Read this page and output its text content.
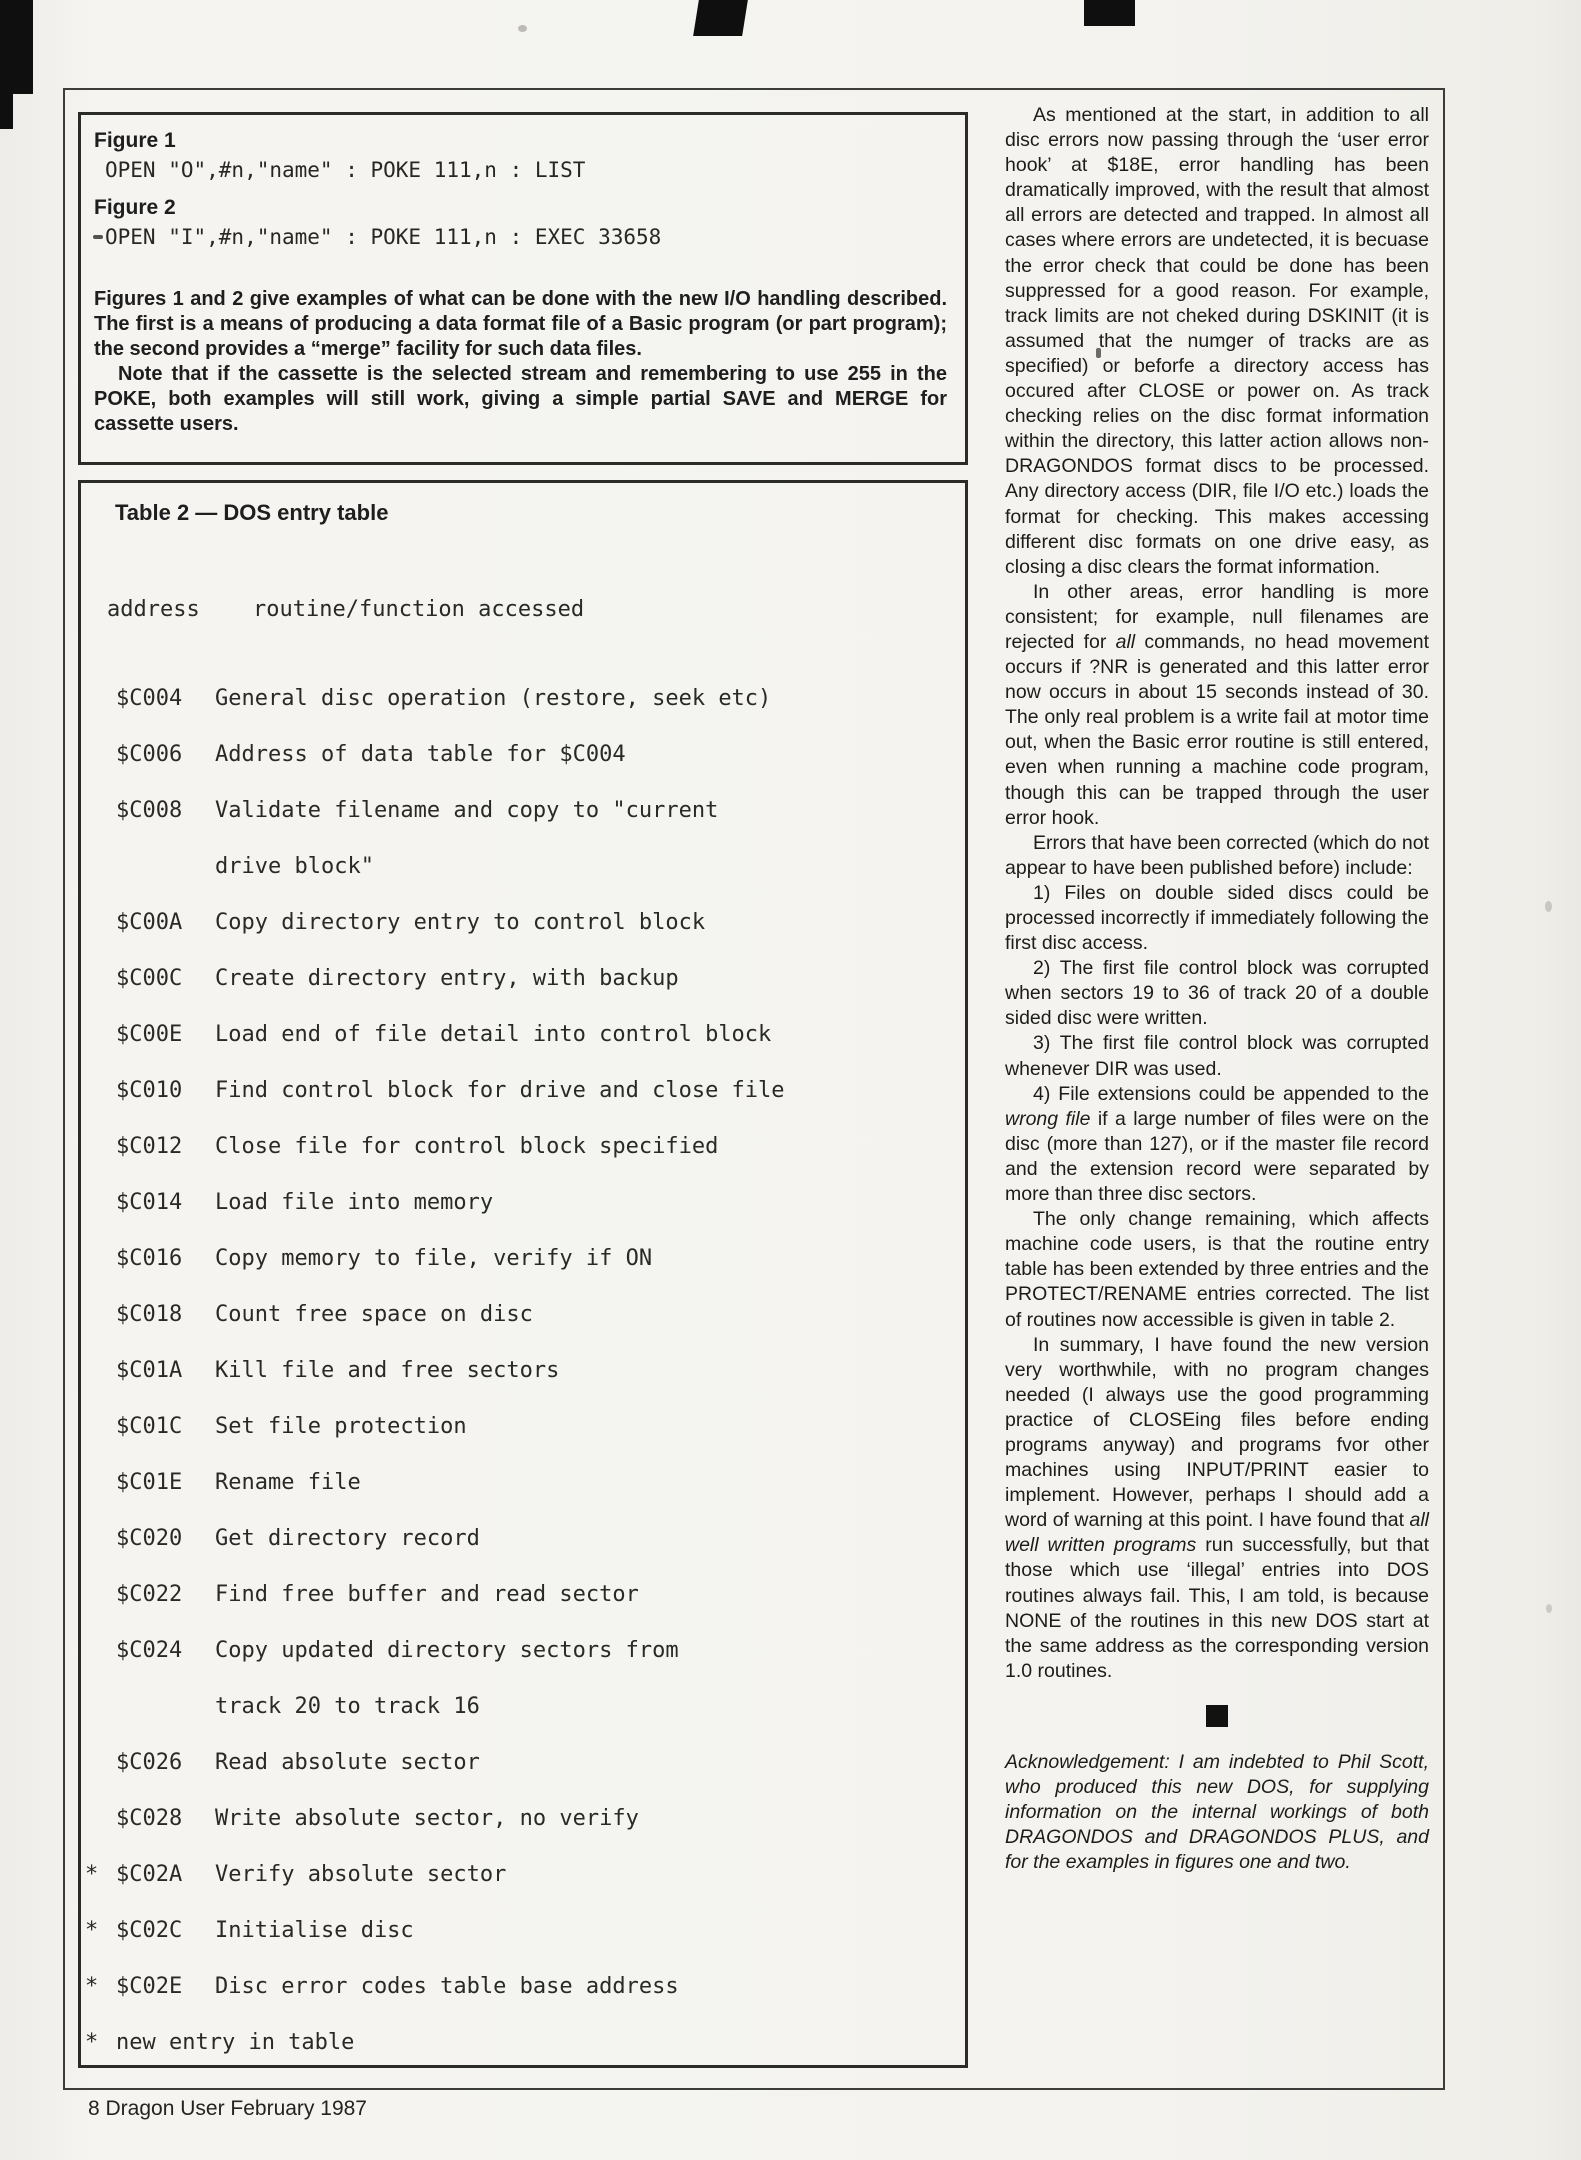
Figure 1
OPEN "O",#n,"name" : POKE 111,n : LIST
Figure 2
OPEN "I",#n,"name" : POKE 111,n : EXEC 33658

Figures 1 and 2 give examples of what can be done with the new I/O handling described. The first is a means of producing a data format file of a Basic program (or part program); the second provides a “merge” facility for such data files.

Note that if the cassette is the selected stream and remembering to use 255 in the POKE, both examples will still work, giving a simple partial SAVE and MERGE for cassette users.

Table 2 — DOS entry table
address	routine/function accessed
$C004	General disc operation (restore, seek etc)
$C006	Address of data table for $C004
$C008	Validate filename and copy to "current
drive block"
$C00A	Copy directory entry to control block
$C00C	Create directory entry, with backup
$C00E	Load end of file detail into control block
$C010	Find control block for drive and close file
$C012	Close file for control block specified
$C014	Load file into memory
$C016	Copy memory to file, verify if ON
$C018	Count free space on disc
$C01A	Kill file and free sectors
$C01C	Set file protection
$C01E	Rename file
$C020	Get directory record
$C022	Find free buffer and read sector
$C024	Copy updated directory sectors from
track 20 to track 16
$C026	Read absolute sector
$C028	Write absolute sector, no verify
* $C02A	Verify absolute sector
* $C02C	Initialise disc
* $C02E	Disc error codes table base address
* new entry in table

As mentioned at the start, in addition to all disc errors now passing through the ‘user error hook’ at $18E, error handling has been dramatically improved, with the result that almost all errors are detected and trapped. In almost all cases where errors are undetected, it is becuase the error check that could be done has been suppressed for a good reason. For example, track limits are not cheked during DSKINIT (it is assumed that the numger of tracks are as specified) or beforfe a directory access has occured after CLOSE or power on. As track checking relies on the disc format information within the directory, this latter action allows non-DRAGONDOS format discs to be processed. Any directory access (DIR, file I/O etc.) loads the format for checking. This makes accessing different disc formats on one drive easy, as closing a disc clears the format information.

In other areas, error handling is more consistent; for example, null filenames are rejected for all commands, no head movement occurs if ?NR is generated and this latter error now occurs in about 15 seconds instead of 30. The only real problem is a write fail at motor time out, when the Basic error routine is still entered, even when running a machine code program, though this can be trapped through the user error hook.

Errors that have been corrected (which do not appear to have been published before) include:

1) Files on double sided discs could be processed incorrectly if immediately following the first disc access.

2) The first file control block was corrupted when sectors 19 to 36 of track 20 of a double sided disc were written.

3) The first file control block was corrupted whenever DIR was used.

4) File extensions could be appended to the wrong file if a large number of files were on the disc (more than 127), or if the master file record and the extension record were separated by more than three disc sectors.

The only change remaining, which affects machine code users, is that the routine entry table has been extended by three entries and the PROTECT/RENAME entries corrected. The list of routines now accessible is given in table 2.

In summary, I have found the new version very worthwhile, with no program changes needed (I always use the good programming practice of CLOSEing files before ending programs anyway) and programs fvor other machines using INPUT/PRINT easier to implement. However, perhaps I should add a word of warning at this point. I have found that all well written programs run successfully, but that those which use ‘illegal’ entries into DOS routines always fail. This, I am told, is because NONE of the routines in this new DOS start at the same address as the corresponding version 1.0 routines.

Acknowledgement: I am indebted to Phil Scott, who produced this new DOS, for supplying information on the internal workings of both DRAGONDOS and DRAGONDOS PLUS, and for the examples in figures one and two.

8 Dragon User February 1987
